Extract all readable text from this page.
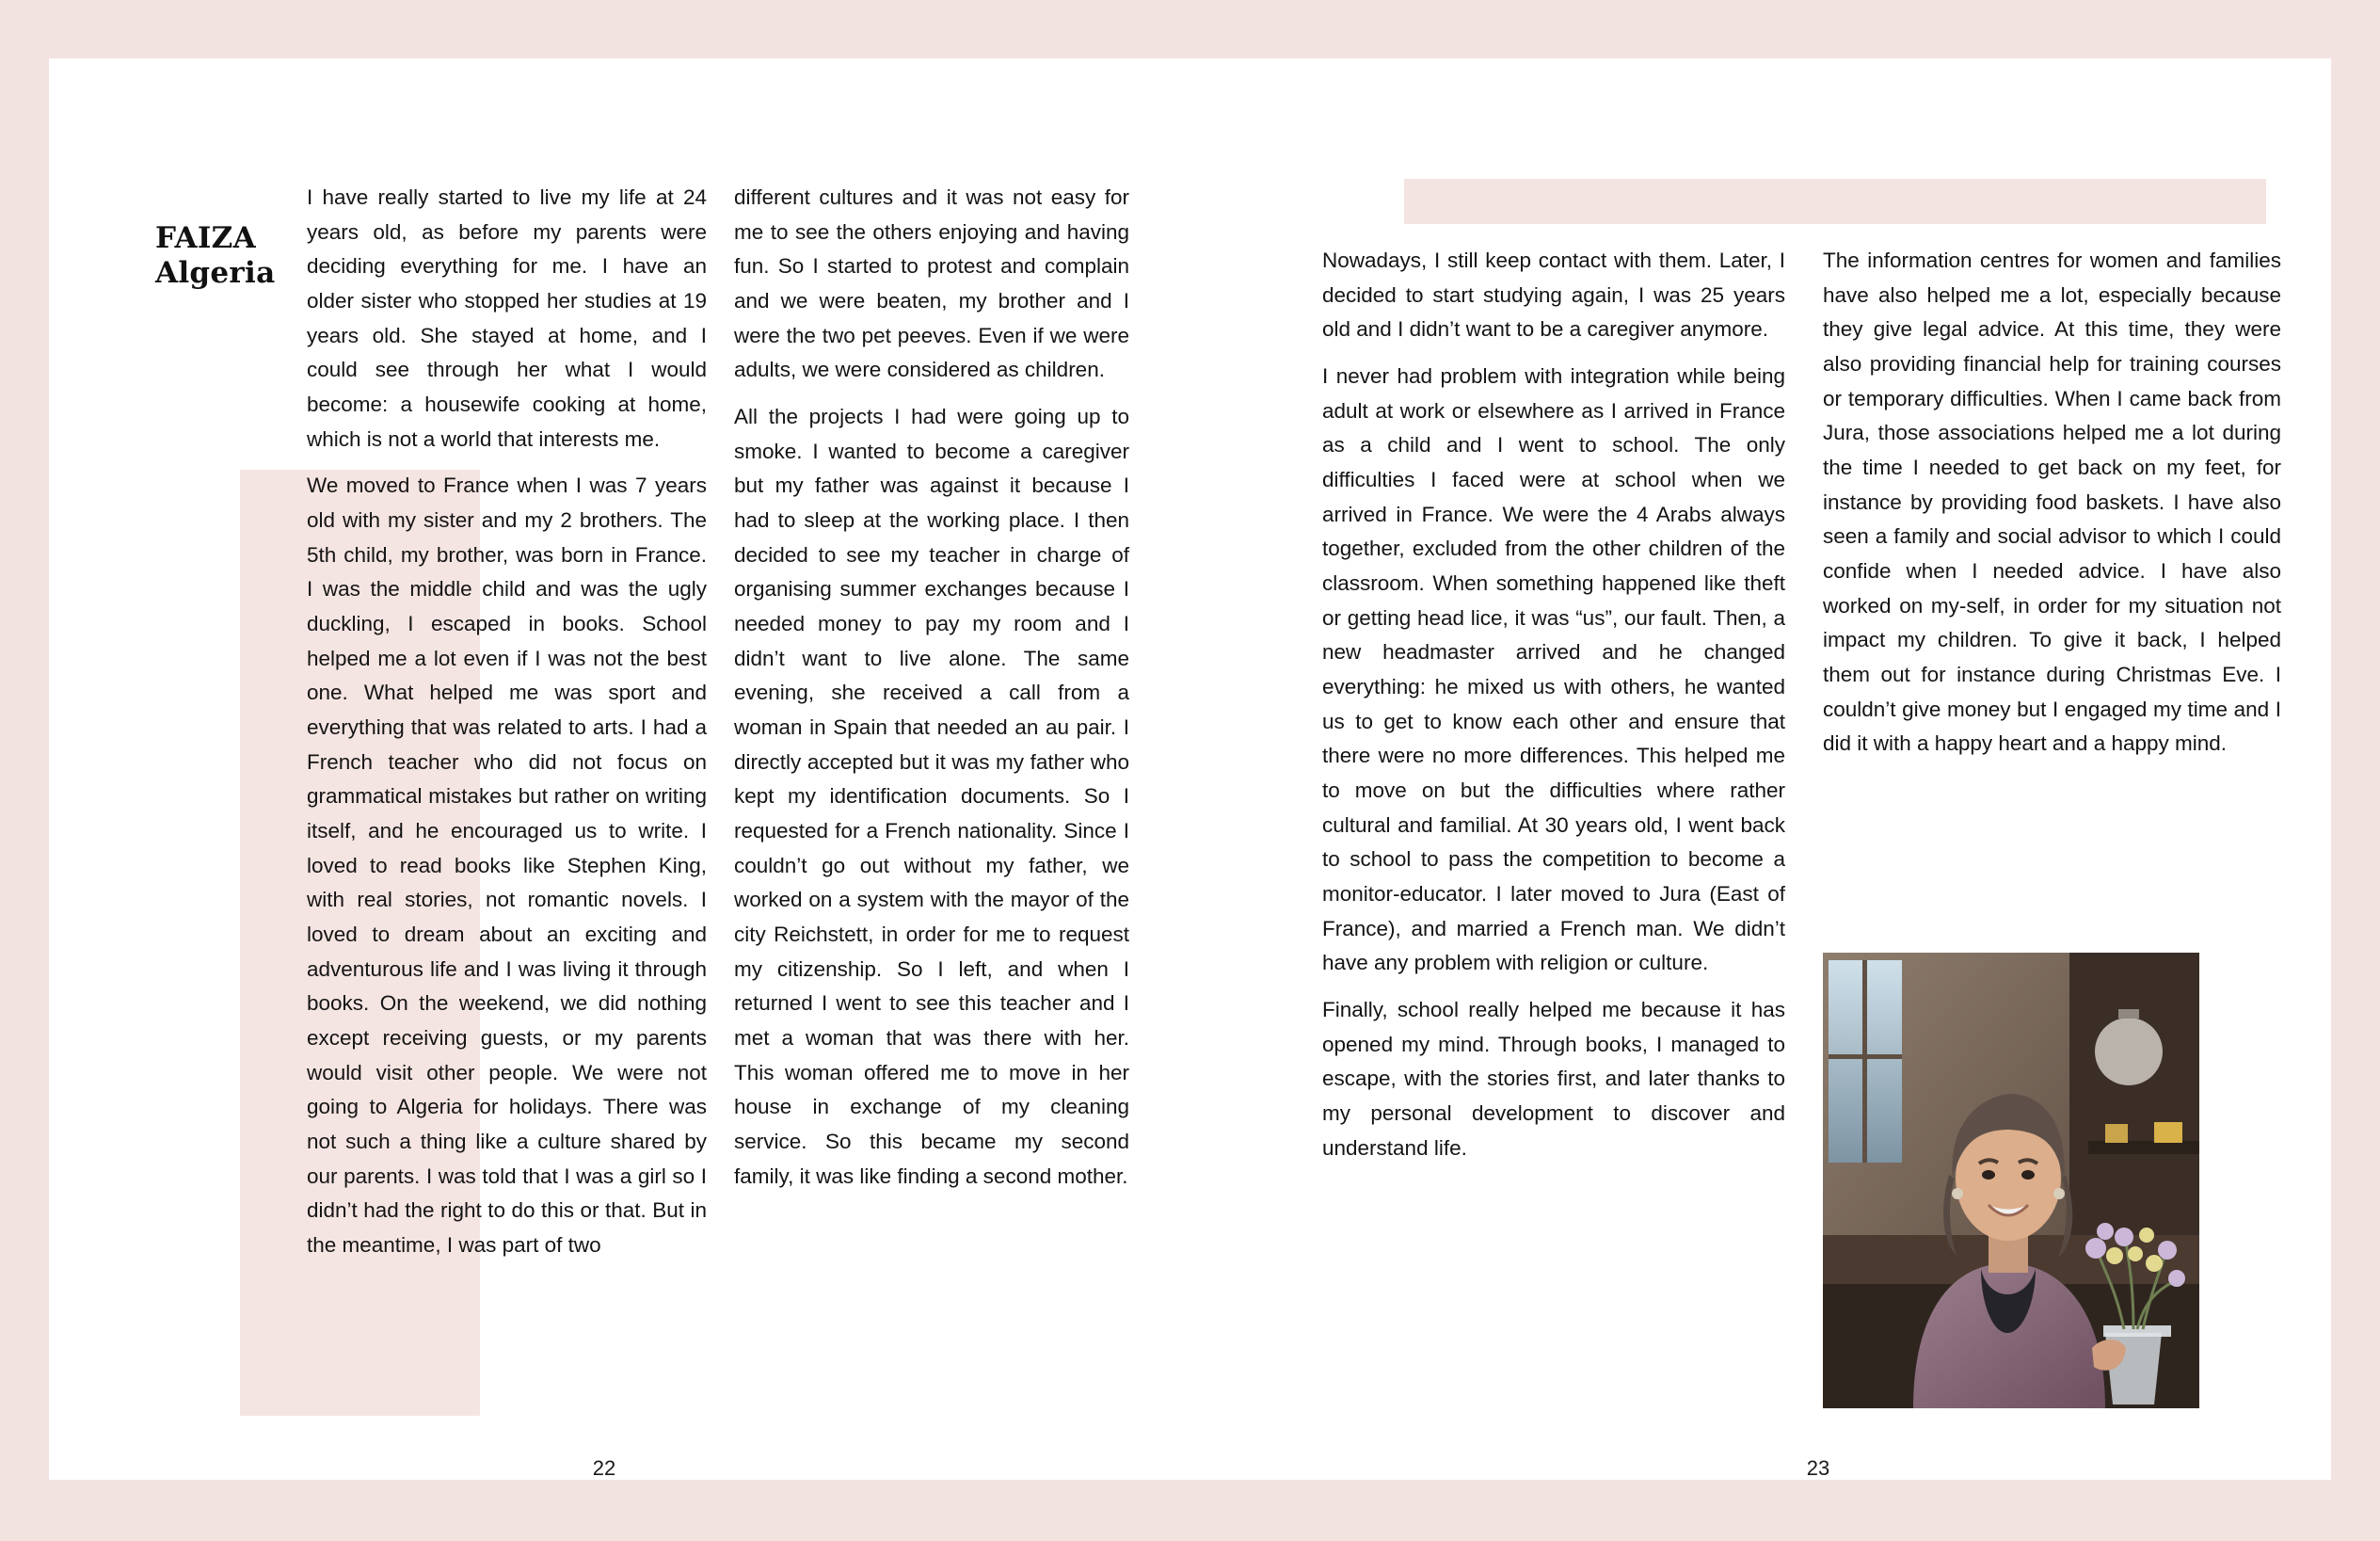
FAIZA
Algeria

I have really started to live my life at 24 years old, as before my parents were deciding everything for me. I have an older sister who stopped her studies at 19 years old. She stayed at home, and I could see through her what I would become: a housewife cooking at home, which is not a world that interests me.

We moved to France when I was 7 years old with my sister and my 2 brothers. The 5th child, my brother, was born in France. I was the middle child and was the ugly duckling, I escaped in books. School helped me a lot even if I was not the best one. What helped me was sport and everything that was related to arts. I had a French teacher who did not focus on grammatical mistakes but rather on writing itself, and he encouraged us to write. I loved to read books like Stephen King, with real stories, not romantic novels. I loved to dream about an exciting and adventurous life and I was living it through books. On the weekend, we did nothing except receiving guests, or my parents would visit other people. We were not going to Algeria for holidays. There was not such a thing like a culture shared by our parents. I was told that I was a girl so I didn’t had the right to do this or that. But in the meantime, I was part of two

different cultures and it was not easy for me to see the others enjoying and having fun. So I started to protest and complain and we were beaten, my brother and I were the two pet peeves. Even if we were adults, we were considered as children.

All the projects I had were going up to smoke. I wanted to become a caregiver but my father was against it because I had to sleep at the working place. I then decided to see my teacher in charge of organising summer exchanges because I needed money to pay my room and I didn’t want to live alone. The same evening, she received a call from a woman in Spain that needed an au pair. I directly accepted but it was my father who kept my identification documents. So I requested for a French nationality. Since I couldn’t go out without my father, we worked on a system with the mayor of the city Reichstett, in order for me to request my citizenship. So I left, and when I returned I went to see this teacher and I met a woman that was there with her. This woman offered me to move in her house in exchange of my cleaning service. So this became my second family, it was like finding a second mother.

22

Nowadays, I still keep contact with them. Later, I decided to start studying again, I was 25 years old and I didn’t want to be a caregiver anymore.

I never had problem with integration while being adult at work or elsewhere as I arrived in France as a child and I went to school. The only difficulties I faced were at school when we arrived in France. We were the 4 Arabs always together, excluded from the other children of the classroom. When something happened like theft or getting head lice, it was “us”, our fault. Then, a new headmaster arrived and he changed everything: he mixed us with others, he wanted us to get to know each other and ensure that there were no more differences. This helped me to move on but the difficulties where rather cultural and familial. At 30 years old, I went back to school to pass the competition to become a monitor-educator. I later moved to Jura (East of France), and married a French man. We didn’t have any problem with religion or culture.

Finally, school really helped me because it has opened my mind. Through books, I managed to escape, with the stories first, and later thanks to my personal development to discover and understand life.

The information centres for women and families have also helped me a lot, especially because they give legal advice. At this time, they were also providing financial help for training courses or temporary difficulties. When I came back from Jura, those associations helped me a lot during the time I needed to get back on my feet, for instance by providing food baskets. I have also seen a family and social advisor to which I could confide when I needed advice. I have also worked on my-self, in order for my situation not impact my children. To give it back, I helped them out for instance during Christmas Eve. I couldn’t give money but I engaged my time and I did it with a happy heart and a happy mind.

23
